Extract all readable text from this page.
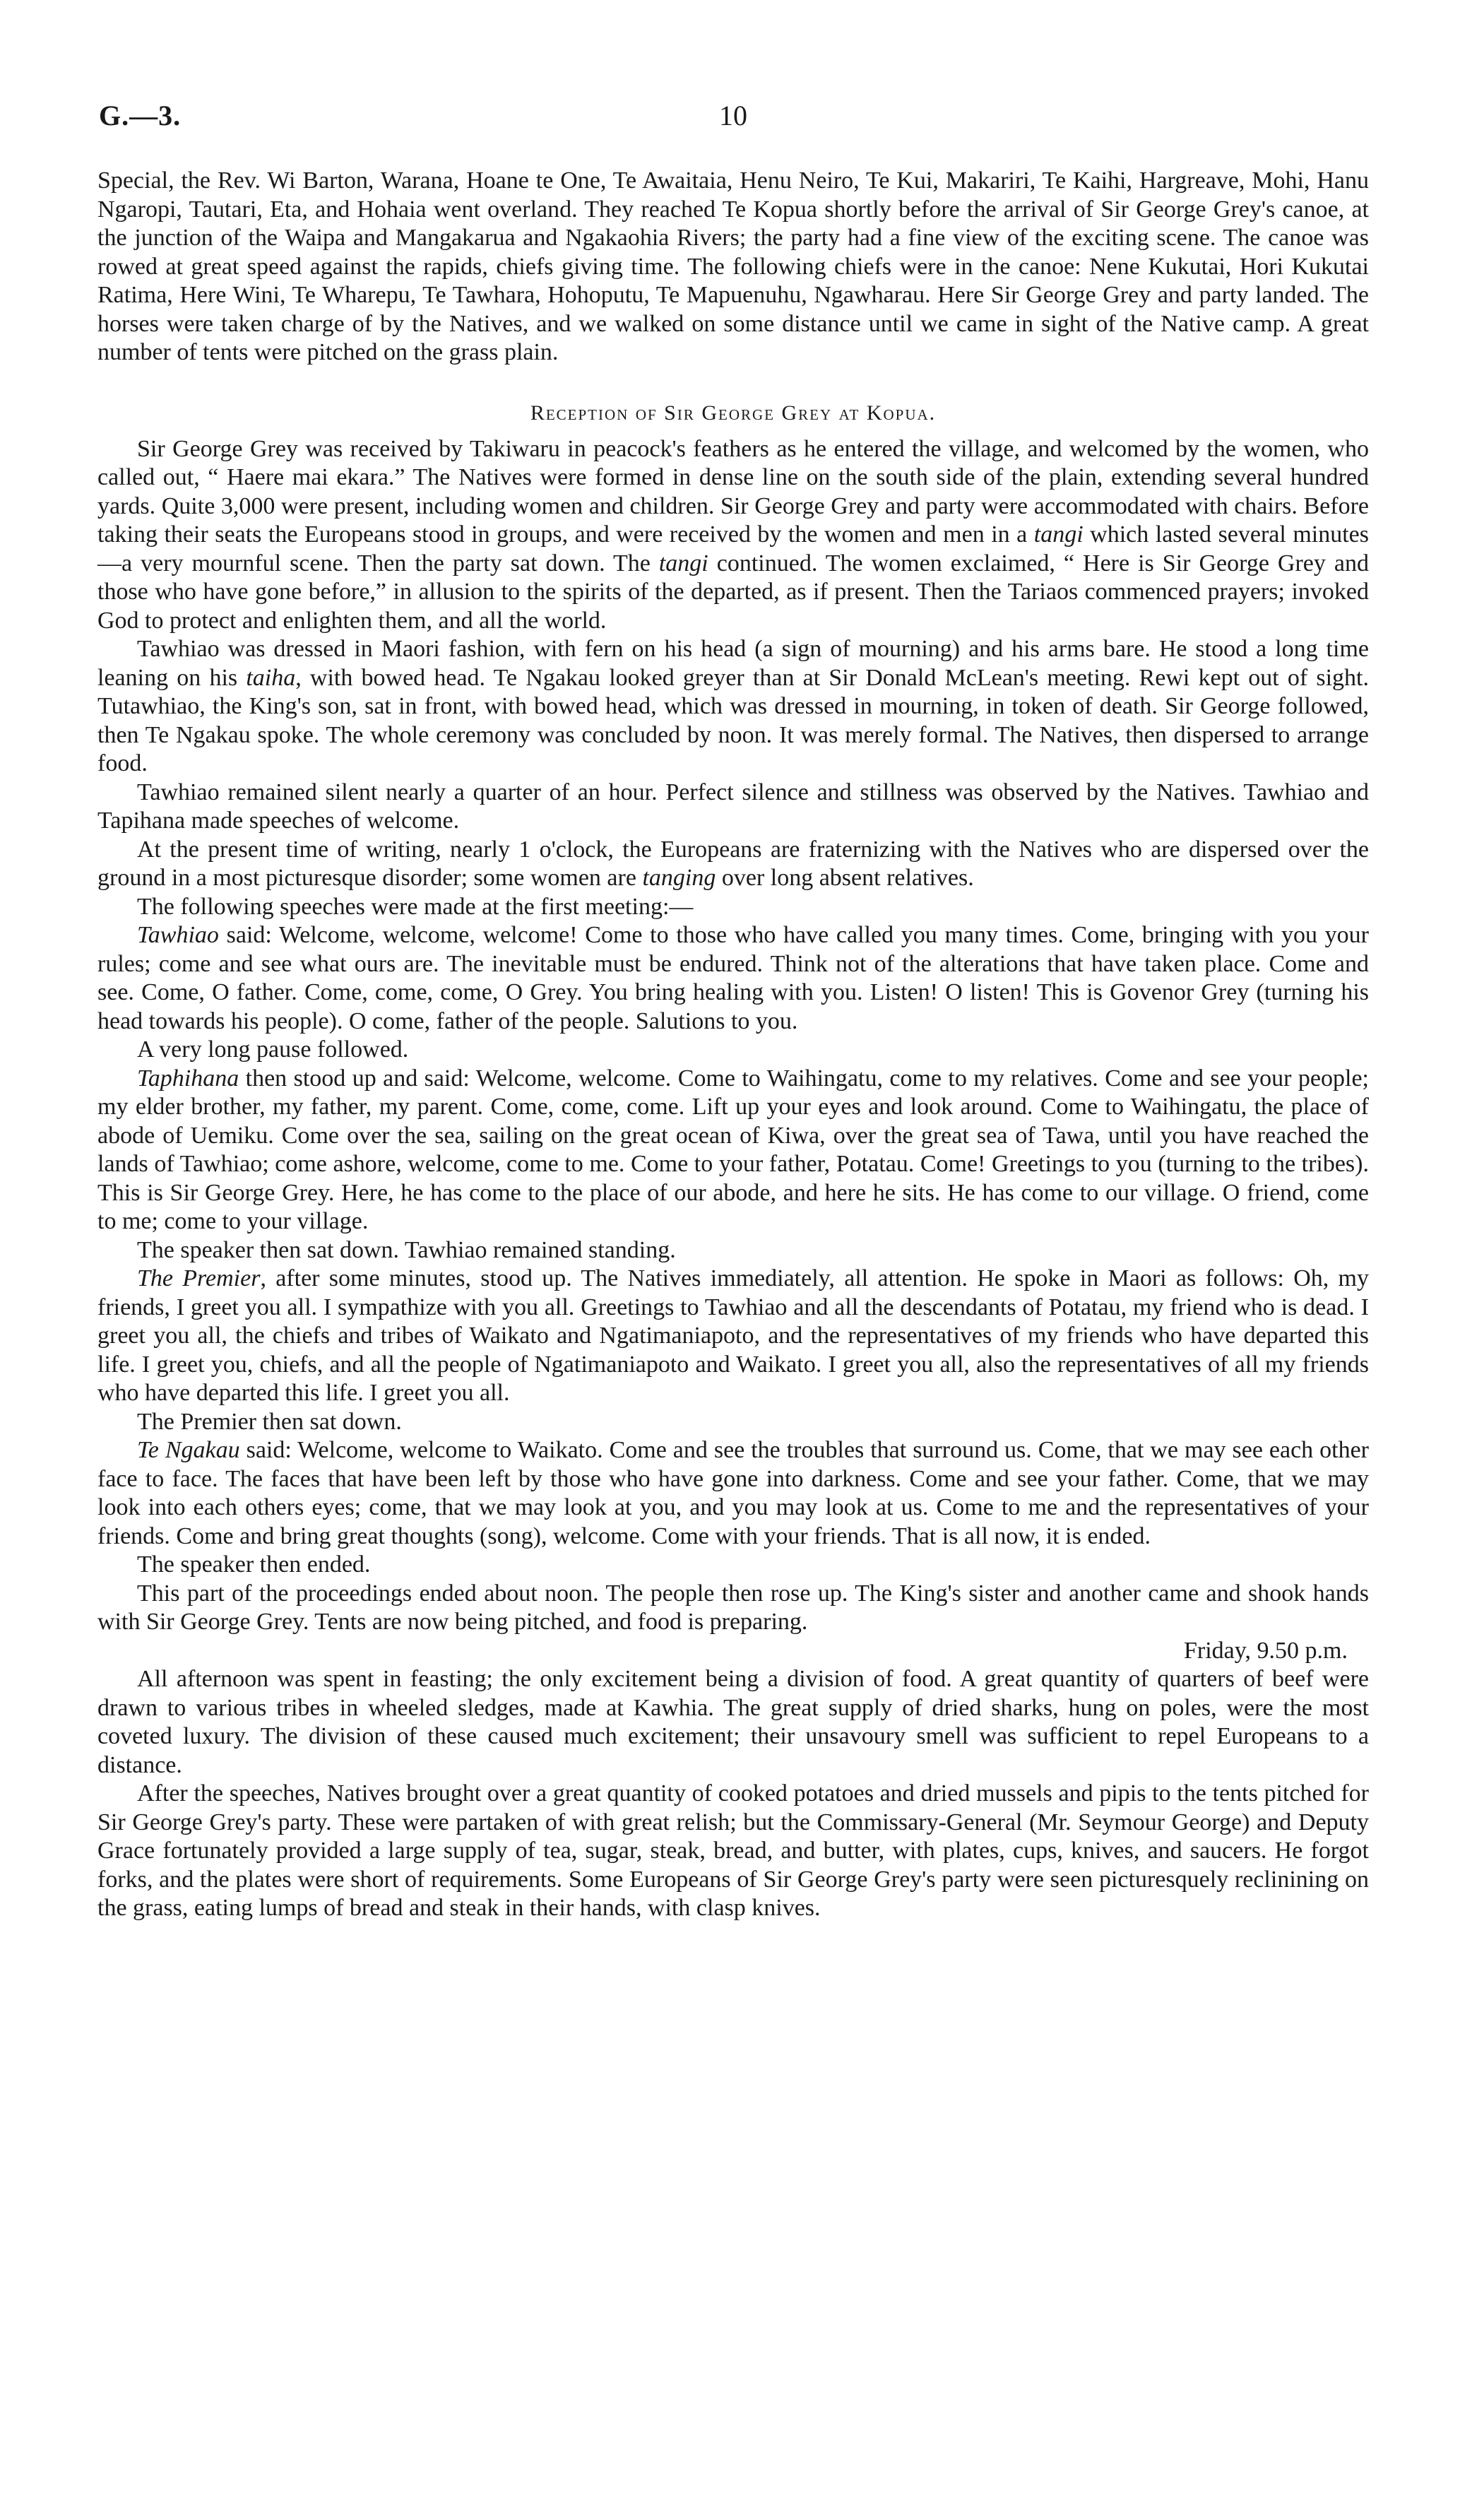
G.—3.	10

Special, the Rev. Wi Barton, Warana, Hoane te One, Te Awaitaia, Henu Neiro, Te Kui, Makariri, Te Kaihi, Hargreave, Mohi, Hanu Ngaropi, Tautari, Eta, and Hohaia went overland. They reached Te Kopua shortly before the arrival of Sir George Grey's canoe, at the junction of the Waipa and Mangakarua and Ngakaohia Rivers; the party had a fine view of the exciting scene. The canoe was rowed at great speed against the rapids, chiefs giving time. The following chiefs were in the canoe: Nene Kukutai, Hori Kukutai Ratima, Here Wini, Te Wharepu, Te Tawhara, Hohoputu, Te Mapuenuhu, Ngawharau. Here Sir George Grey and party landed. The horses were taken charge of by the Natives, and we walked on some distance until we came in sight of the Native camp. A great number of tents were pitched on the grass plain.

Reception of Sir George Grey at Kopua.

Sir George Grey was received by Takiwaru in peacock's feathers as he entered the village, and welcomed by the women, who called out, “ Haere mai ekara.” The Natives were formed in dense line on the south side of the plain, extending several hundred yards. Quite 3,000 were present, including women and children. Sir George Grey and party were accommodated with chairs. Before taking their seats the Europeans stood in groups, and were received by the women and men in a tangi which lasted several minutes—a very mournful scene. Then the party sat down. The tangi continued. The women exclaimed, “ Here is Sir George Grey and those who have gone before,” in allusion to the spirits of the departed, as if present. Then the Tariaos commenced prayers; invoked God to protect and enlighten them, and all the world.

Tawhiao was dressed in Maori fashion, with fern on his head (a sign of mourning) and his arms bare. He stood a long time leaning on his taiha, with bowed head. Te Ngakau looked greyer than at Sir Donald McLean's meeting. Rewi kept out of sight. Tutawhiao, the King's son, sat in front, with bowed head, which was dressed in mourning, in token of death. Sir George followed, then Te Ngakau spoke. The whole ceremony was concluded by noon. It was merely formal. The Natives, then dispersed to arrange food.

Tawhiao remained silent nearly a quarter of an hour. Perfect silence and stillness was observed by the Natives. Tawhiao and Tapihana made speeches of welcome.

At the present time of writing, nearly 1 o'clock, the Europeans are fraternizing with the Natives who are dispersed over the ground in a most picturesque disorder; some women are tanging over long absent relatives.

The following speeches were made at the first meeting:—

Tawhiao said: Welcome, welcome, welcome! Come to those who have called you many times. Come, bringing with you your rules; come and see what ours are. The inevitable must be endured. Think not of the alterations that have taken place. Come and see. Come, O father. Come, come, come, O Grey. You bring healing with you. Listen! O listen! This is Govenor Grey (turning his head towards his people). O come, father of the people. Salutions to you.

A very long pause followed.

Taphihana then stood up and said: Welcome, welcome. Come to Waihingatu, come to my relatives. Come and see your people; my elder brother, my father, my parent. Come, come, come. Lift up your eyes and look around. Come to Waihingatu, the place of abode of Uemiku. Come over the sea, sailing on the great ocean of Kiwa, over the great sea of Tawa, until you have reached the lands of Tawhiao; come ashore, welcome, come to me. Come to your father, Potatau. Come! Greetings to you (turning to the tribes). This is Sir George Grey. Here, he has come to the place of our abode, and here he sits. He has come to our village. O friend, come to me; come to your village.

The speaker then sat down. Tawhiao remained standing.

The Premier, after some minutes, stood up. The Natives immediately, all attention. He spoke in Maori as follows: Oh, my friends, I greet you all. I sympathize with you all. Greetings to Tawhiao and all the descendants of Potatau, my friend who is dead. I greet you all, the chiefs and tribes of Waikato and Ngatimaniapoto, and the representatives of my friends who have departed this life. I greet you, chiefs, and all the people of Ngatimaniapoto and Waikato. I greet you all, also the representatives of all my friends who have departed this life. I greet you all.

The Premier then sat down.

Te Ngakau said: Welcome, welcome to Waikato. Come and see the troubles that surround us. Come, that we may see each other face to face. The faces that have been left by those who have gone into darkness. Come and see your father. Come, that we may look into each others eyes; come, that we may look at you, and you may look at us. Come to me and the representatives of your friends. Come and bring great thoughts (song), welcome. Come with your friends. That is all now, it is ended.

The speaker then ended.

This part of the proceedings ended about noon. The people then rose up. The King's sister and another came and shook hands with Sir George Grey. Tents are now being pitched, and food is preparing.

Friday, 9.50 p.m.

All afternoon was spent in feasting; the only excitement being a division of food. A great quantity of quarters of beef were drawn to various tribes in wheeled sledges, made at Kawhia. The great supply of dried sharks, hung on poles, were the most coveted luxury. The division of these caused much excitement; their unsavoury smell was sufficient to repel Europeans to a distance.

After the speeches, Natives brought over a great quantity of cooked potatoes and dried mussels and pipis to the tents pitched for Sir George Grey's party. These were partaken of with great relish; but the Commissary-General (Mr. Seymour George) and Deputy Grace fortunately provided a large supply of tea, sugar, steak, bread, and butter, with plates, cups, knives, and saucers. He forgot forks, and the plates were short of requirements. Some Europeans of Sir George Grey's party were seen picturesquely reclinining on the grass, eating lumps of bread and steak in their hands, with clasp knives.
